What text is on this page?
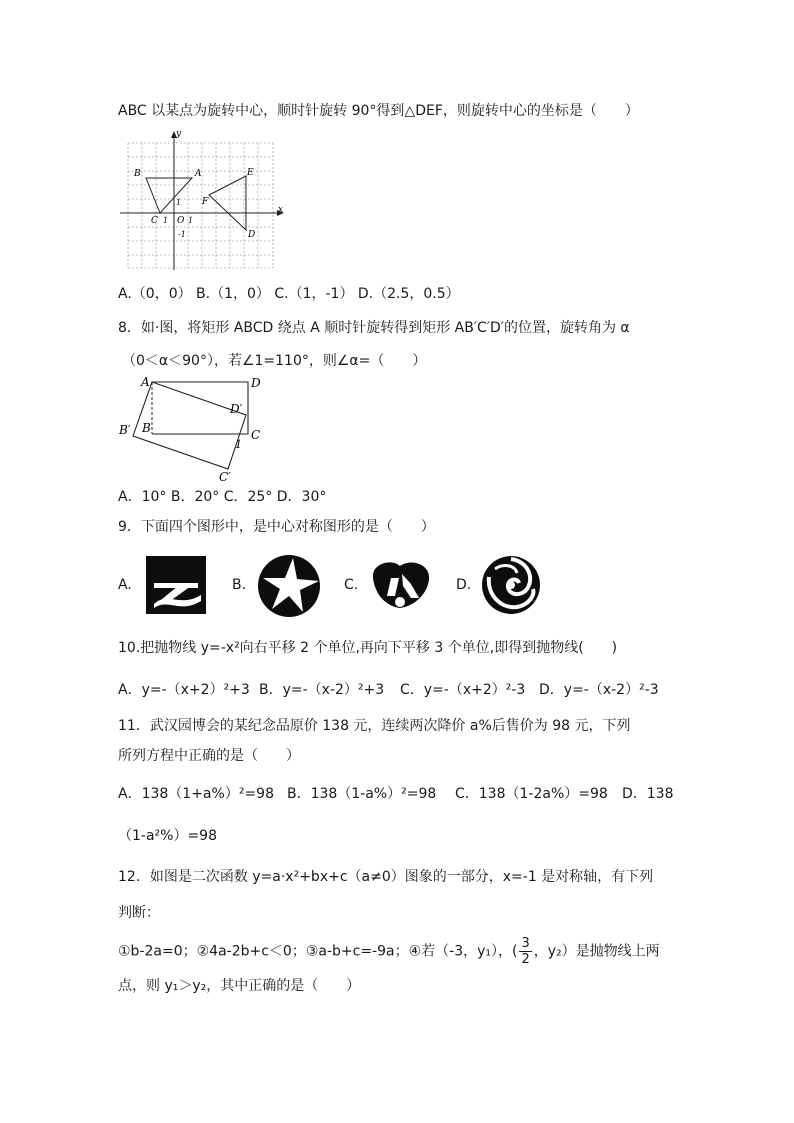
ABC 以某点为旋转中心，顺时针旋转 90°得到△DEF，则旋转中心的坐标是（　　）
y
x
B	A	E
F
C 1 O 1
1
-1	D
A.（0，0） B.（1，0） C.（1，-1） D.（2.5，0.5）
8．如·图，将矩形 ABCD 绕点 A 顺时针旋转得到矩形 AB′C′D′的位置，旋转角为 α
（0＜α＜90°），若∠1=110°，则∠α=（　　）
A	D
D′
B′ B	C
1
C′
A．10° B．20° C．25° D．30°
9．下面四个图形中，是中心对称图形的是（　　）
A.	B.	C.	D.
10.把抛物线 y=-x²向右平移 2 个单位,再向下平移 3 个单位,即得到抛物线(　　)
A．y=-（x+2）²+3 B．y=-（x-2）²+3 C．y=-（x+2）²-3 D．y=-（x-2）²-3
11．武汉园博会的某纪念品原价 138 元，连续两次降价 a%后售价为 98 元，下列
所列方程中正确的是（　　）
A．138（1+a%）²=98 B．138（1-a%）²=98 C．138（1-2a%）=98 D．138
（1-a²%）=98
12．如图是二次函数 y=a·x²+bx+c（a≠0）图象的一部分，x=-1 是对称轴，有下列
判断：
①b-2a=0；②4a-2b+c＜0；③a-b+c=-9a；④若（-3，y₁），( $\frac{3}{2}$ ，y₂）是抛物线上两
点，则 y₁＞y₂，其中正确的是（　　）
